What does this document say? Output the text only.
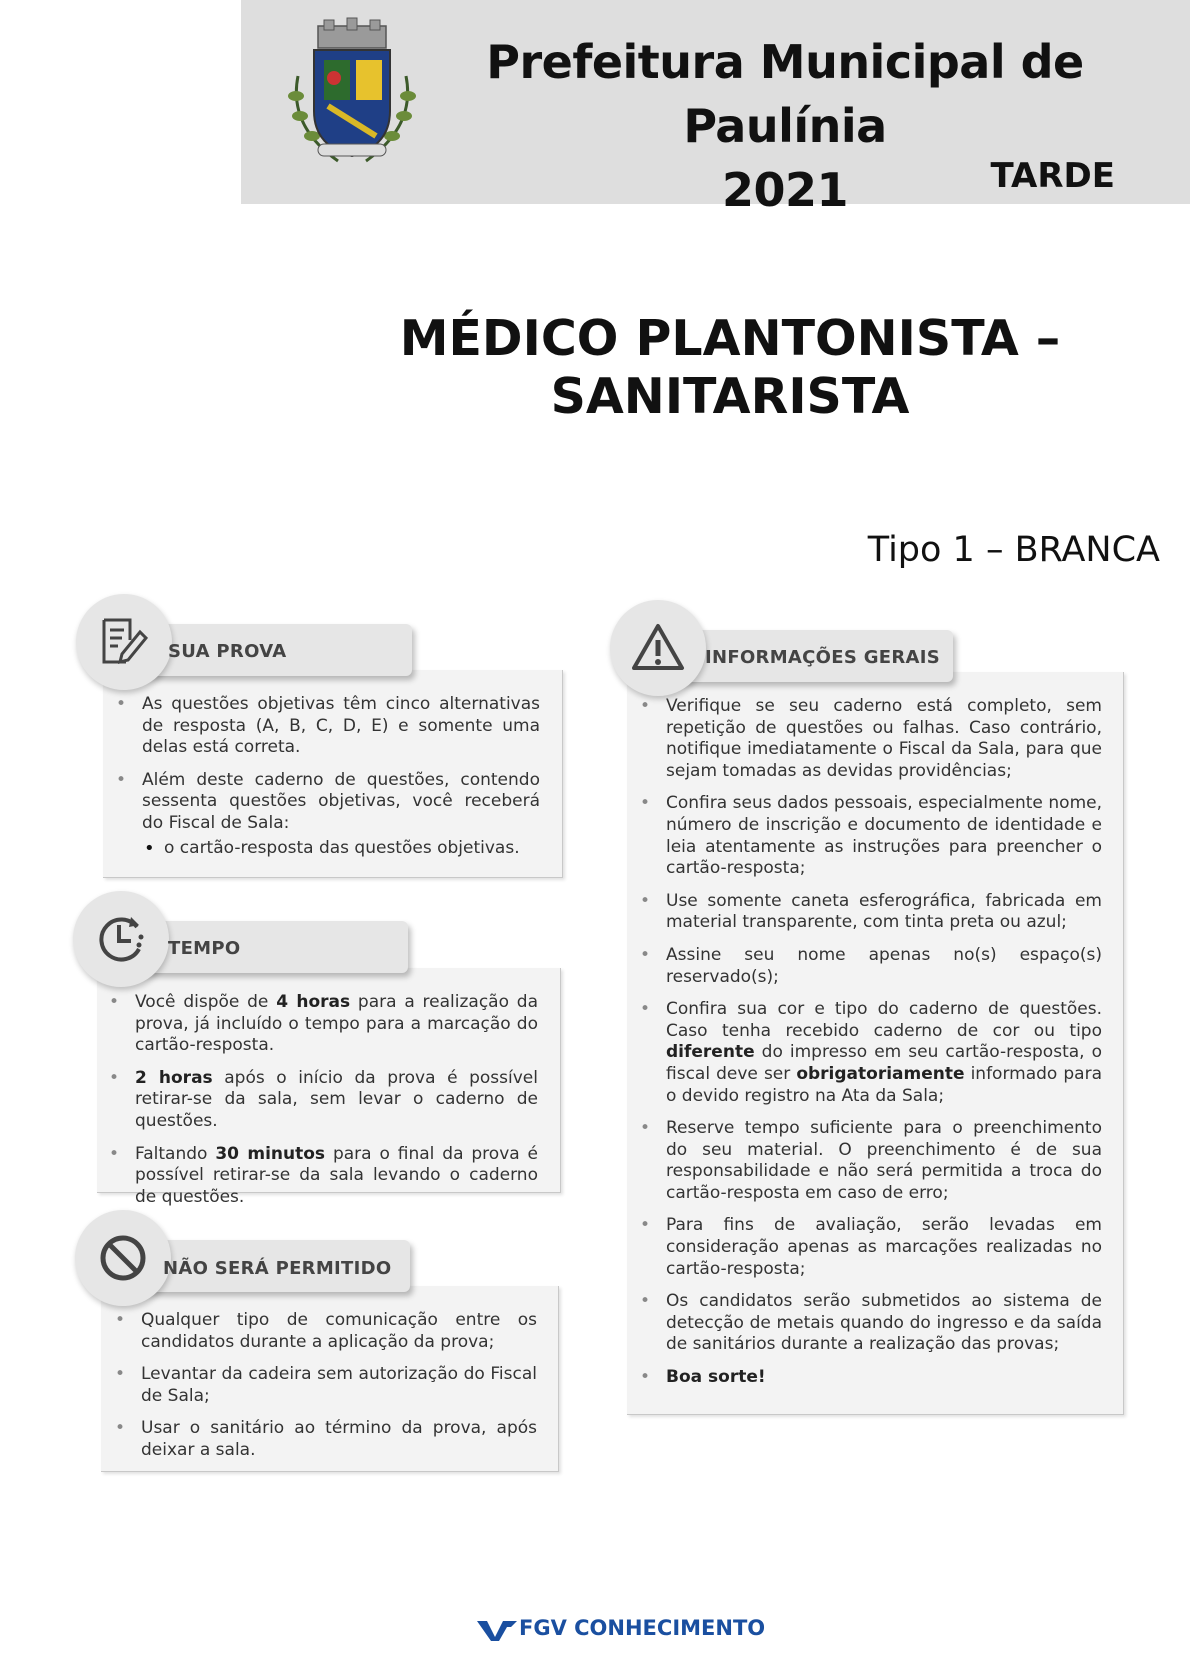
Prefeitura Municipal de Paulínia
2021	TARDE
MÉDICO PLANTONISTA –
SANITARISTA
Tipo 1 – BRANCA
SUA PROVA
• As questões objetivas têm cinco alternativas de resposta (A, B, C, D, E) e somente uma delas está correta.
• Além deste caderno de questões, contendo sessenta questões objetivas, você receberá do Fiscal de Sala:
• o cartão-resposta das questões objetivas.
TEMPO
• Você dispõe de 4 horas para a realização da prova, já incluído o tempo para a marcação do cartão-resposta.
• 2 horas após o início da prova é possível retirar-se da sala, sem levar o caderno de questões.
• Faltando 30 minutos para o final da prova é possível retirar-se da sala levando o caderno de questões.
NÃO SERÁ PERMITIDO
• Qualquer tipo de comunicação entre os candidatos durante a aplicação da prova;
• Levantar da cadeira sem autorização do Fiscal de Sala;
• Usar o sanitário ao término da prova, após deixar a sala.
INFORMAÇÕES GERAIS
• Verifique se seu caderno está completo, sem repetição de questões ou falhas. Caso contrário, notifique imediatamente o Fiscal da Sala, para que sejam tomadas as devidas providências;
• Confira seus dados pessoais, especialmente nome, número de inscrição e documento de identidade e leia atentamente as instruções para preencher o cartão-resposta;
• Use somente caneta esferográfica, fabricada em material transparente, com tinta preta ou azul;
• Assine seu nome apenas no(s) espaço(s) reservado(s);
• Confira sua cor e tipo do caderno de questões. Caso tenha recebido caderno de cor ou tipo diferente do impresso em seu cartão-resposta, o fiscal deve ser obrigatoriamente informado para o devido registro na Ata da Sala;
• Reserve tempo suficiente para o preenchimento do seu material. O preenchimento é de sua responsabilidade e não será permitida a troca do cartão-resposta em caso de erro;
• Para fins de avaliação, serão levadas em consideração apenas as marcações realizadas no cartão-resposta;
• Os candidatos serão submetidos ao sistema de detecção de metais quando do ingresso e da saída de sanitários durante a realização das provas;
• Boa sorte!
FGV CONHECIMENTO
